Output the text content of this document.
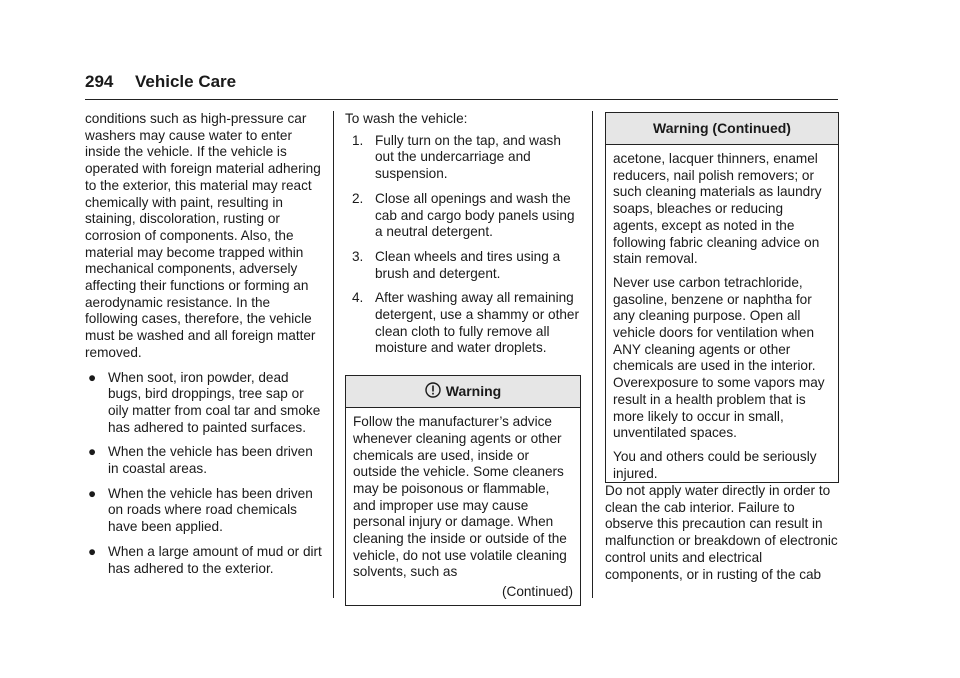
294 Vehicle Care

conditions such as high-pressure car washers may cause water to enter inside the vehicle. If the vehicle is operated with foreign material adhering to the exterior, this material may react chemically with paint, resulting in staining, discoloration, rusting or corrosion of components. Also, the material may become trapped within mechanical components, adversely affecting their functions or forming an aerodynamic resistance. In the following cases, therefore, the vehicle must be washed and all foreign matter removed.

● When soot, iron powder, dead bugs, bird droppings, tree sap or oily matter from coal tar and smoke has adhered to painted surfaces.
● When the vehicle has been driven in coastal areas.
● When the vehicle has been driven on roads where road chemicals have been applied.
● When a large amount of mud or dirt has adhered to the exterior.

To wash the vehicle:

1. Fully turn on the tap, and wash out the undercarriage and suspension.
2. Close all openings and wash the cab and cargo body panels using a neutral detergent.
3. Clean wheels and tires using a brush and detergent.
4. After washing away all remaining detergent, use a shammy or other clean cloth to fully remove all moisture and water droplets.
Warning

Follow the manufacturer’s advice whenever cleaning agents or other chemicals are used, inside or outside the vehicle. Some cleaners may be poisonous or flammable, and improper use may cause personal injury or damage. When cleaning the inside or outside of the vehicle, do not use volatile cleaning solvents, such as

(Continued)
Warning (Continued)

acetone, lacquer thinners, enamel reducers, nail polish removers; or such cleaning materials as laundry soaps, bleaches or reducing agents, except as noted in the following fabric cleaning advice on stain removal.

Never use carbon tetrachloride, gasoline, benzene or naphtha for any cleaning purpose. Open all vehicle doors for ventilation when ANY cleaning agents or other chemicals are used in the interior. Overexposure to some vapors may result in a health problem that is more likely to occur in small, unventilated spaces.

You and others could be seriously injured.

Do not apply water directly in order to clean the cab interior. Failure to observe this precaution can result in malfunction or breakdown of electronic control units and electrical components, or in rusting of the cab
